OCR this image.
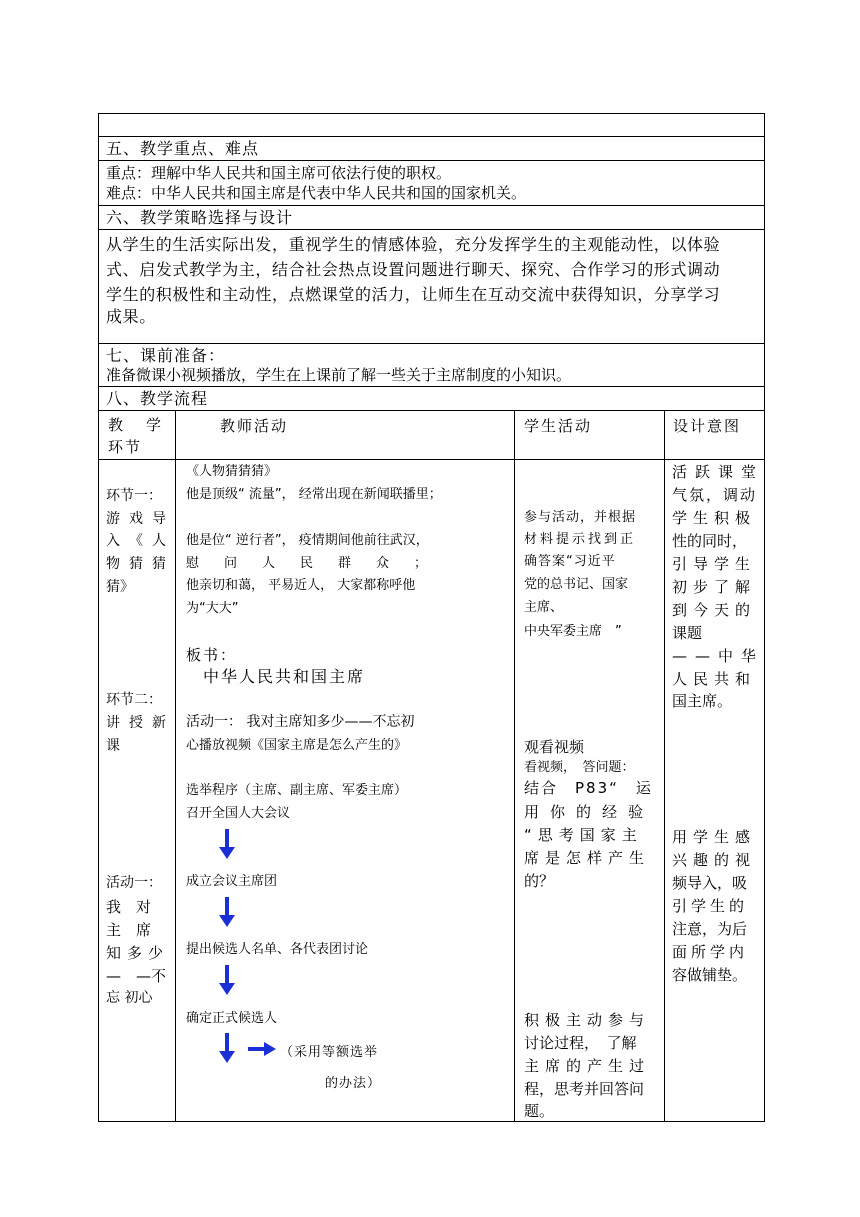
五、教学重点、难点
重点：理解中华人民共和国主席可依法行使的职权。
难点：中华人民共和国主席是代表中华人民共和国的国家机关。
六、教学策略选择与设计
从学生的生活实际出发，重视学生的情感体验，充分发挥学生的主观能动性，以体验
式、启发式教学为主，结合社会热点设置问题进行聊天、探究、合作学习的形式调动
学生的积极性和主动性，点燃课堂的活力，让师生在互动交流中获得知识，分享学习
成果。
七、课前准备：
准备微课小视频播放，学生在上课前了解一些关于主席制度的小知识。
八、教学流程
教　学
环节
教师活动	学生活动	设计意图
环节一：
游戏导
入《人
物猜猜
猜》
环节二：
讲授新
课
活动一：
我　对
主　席
知多少
—　—不
忘 初心
《人物猜猜猜》
他是顶级“ 流量”， 经常出现在新闻联播里；
他是位“ 逆行者”， 疫情期间他前往武汉，
慰　问　人　民　群　众　；
他亲切和蔼， 平易近人， 大家都称呼他
为“大大”
板书：
中华人民共和国主席
活动一： 我对主席知多少——不忘初
心播放视频《国家主席是怎么产生的》
选举程序（主席、副主席、军委主席）
召开全国人大会议
成立会议主席团
提出候选人名单、各代表团讨论
确定正式候选人
（采用等额选举
的办法）
参与活动，并根据
材料提示找到正
确答案“习近平
党的总书记、国家
主席、
中央军委主席　”
观看视频
看视频，　答问题：
结合　P83“　运
用你的经验
“思考国家主
席是怎样产生
的？
积极主动参与
讨论过程，　了解
主席的产生过
程，思考并回答问
题。
活跃课堂
气氛，调动
学生积极
性的同时，
引导学生
初步了解
到今天的
课题
——中华
人民共和
国主席。
用学生感
兴趣的视
频导入，吸
引学生的
注意，为后
面所学内
容做铺垫。
